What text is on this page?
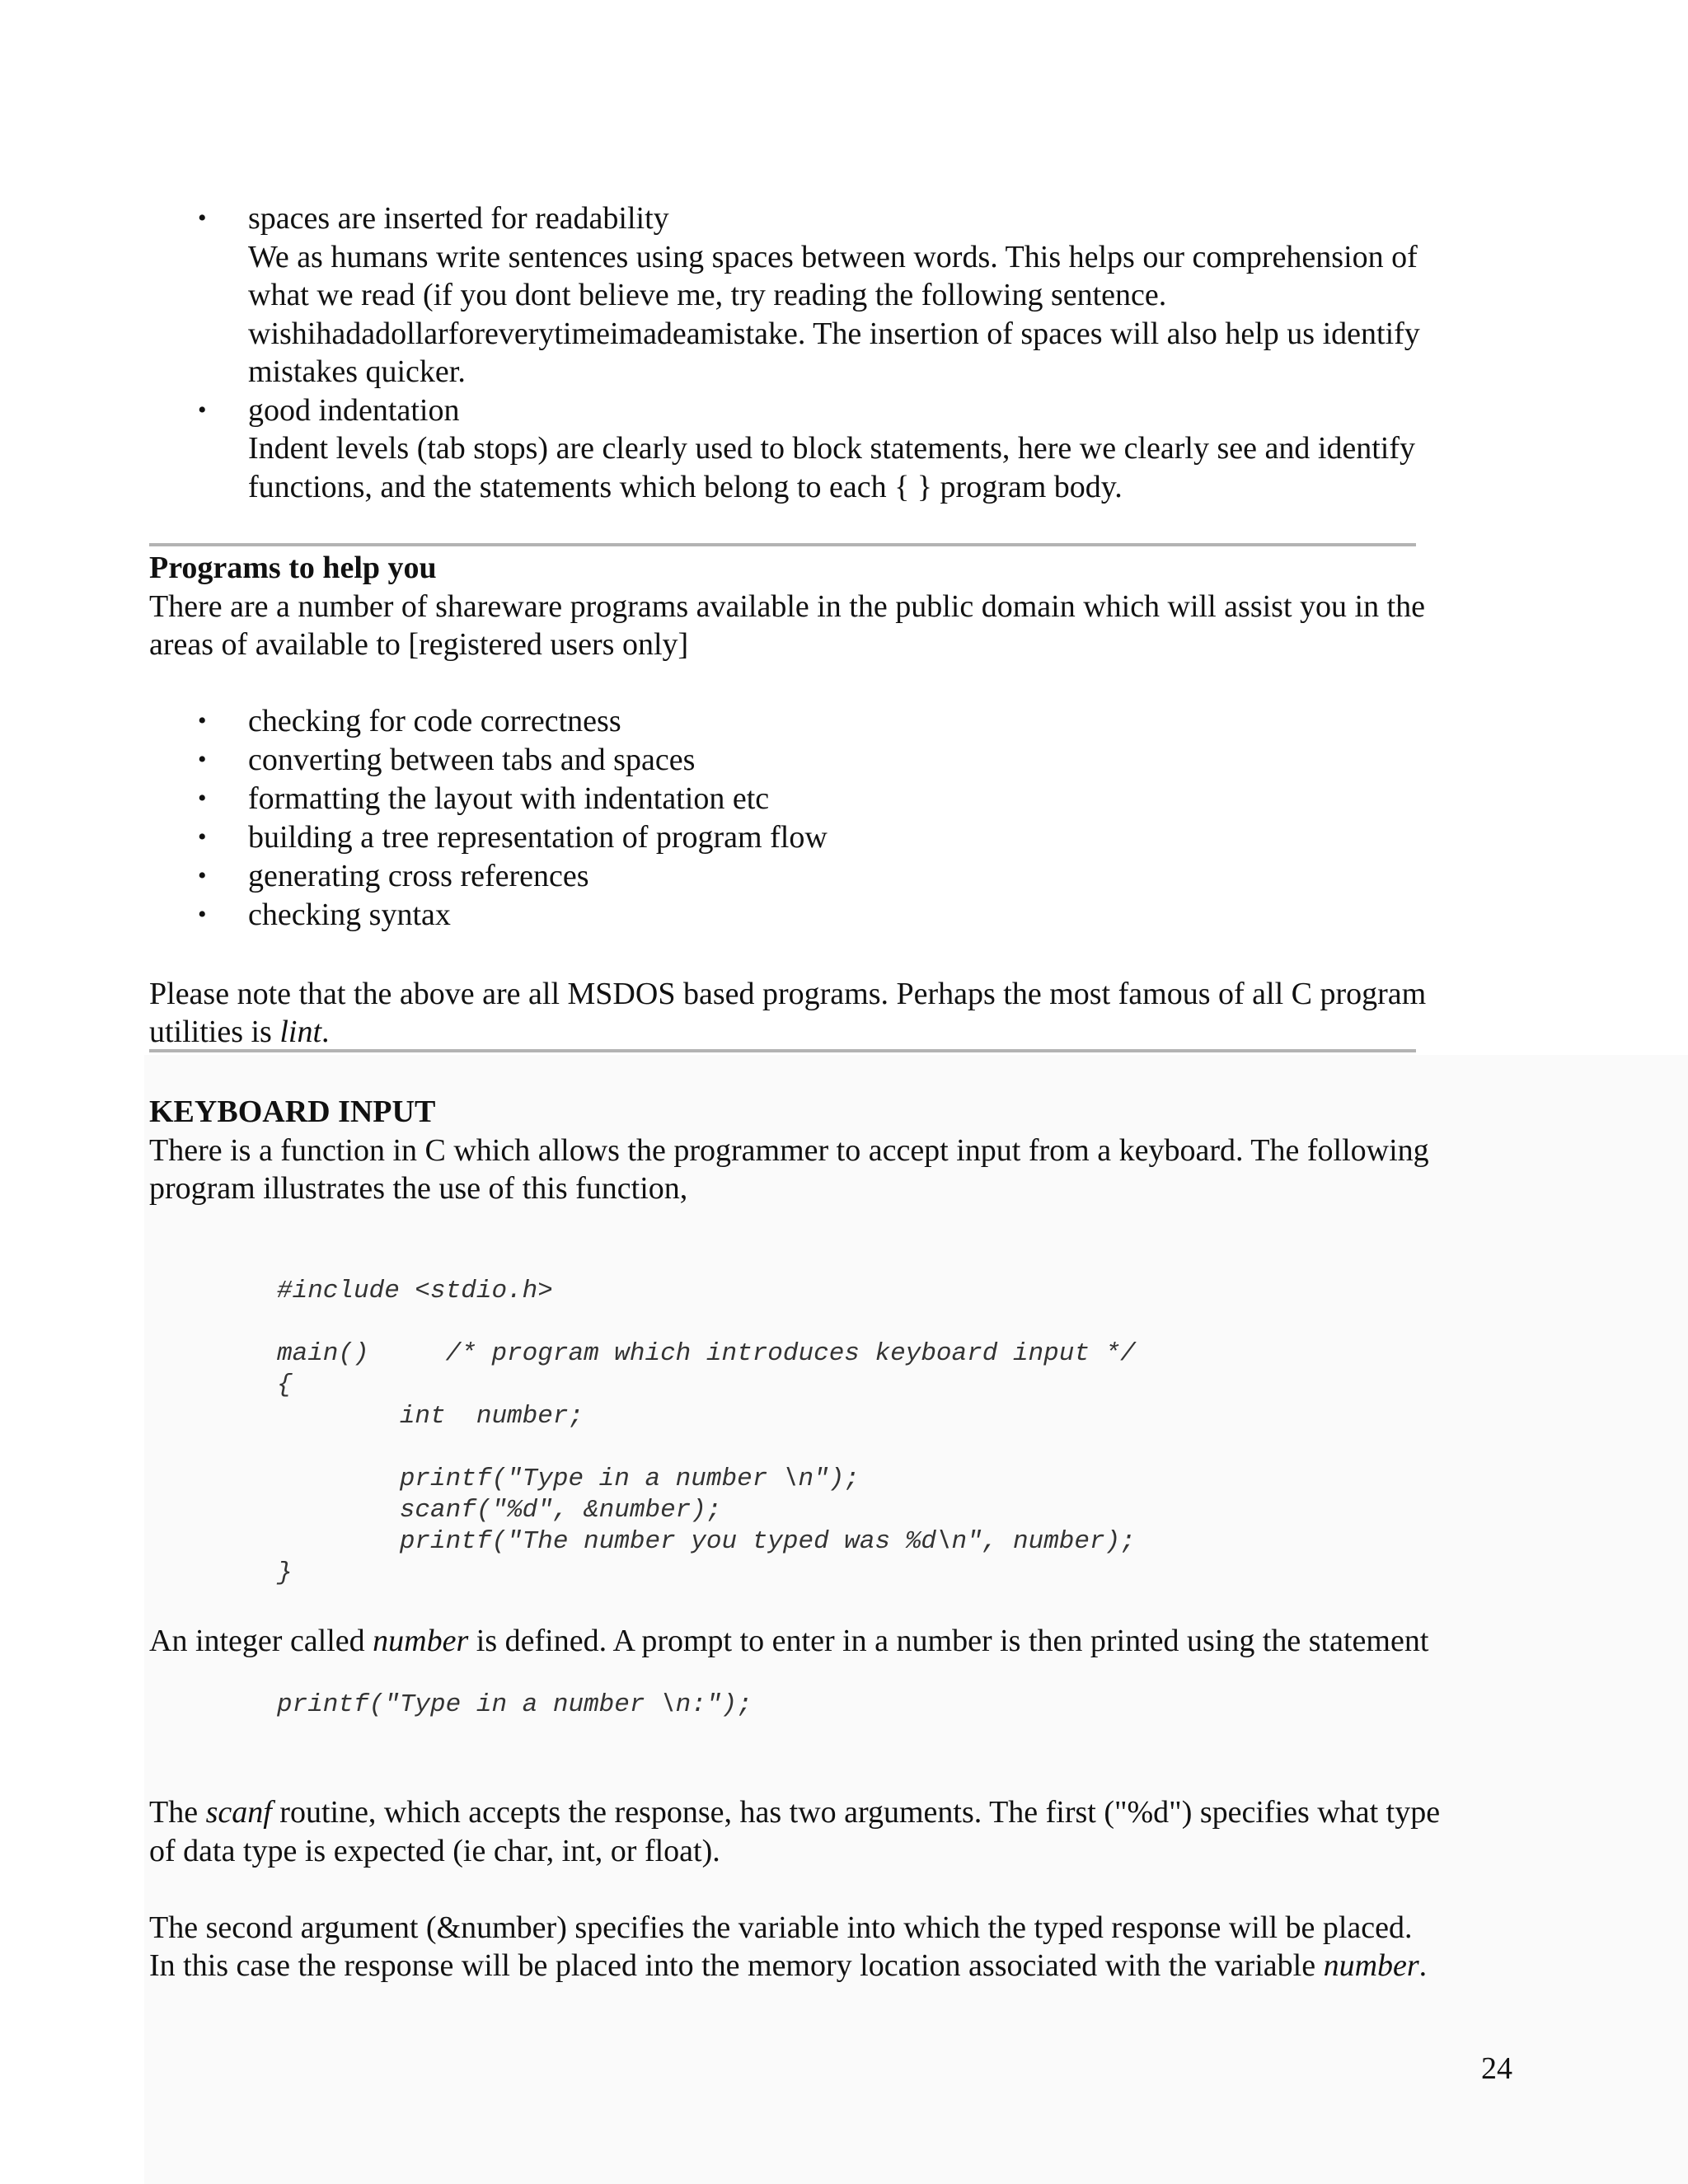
• spaces are inserted for readability
We as humans write sentences using spaces between words. This helps our comprehension of
what we read (if you dont believe me, try reading the following sentence.
wishihadadollarforeverytimeimadeamistake. The insertion of spaces will also help us identify
mistakes quicker.
• good indentation
Indent levels (tab stops) are clearly used to block statements, here we clearly see and identify
functions, and the statements which belong to each { } program body.
Programs to help you
There are a number of shareware programs available in the public domain which will assist you in the
areas of available to [registered users only]
• checking for code correctness
• converting between tabs and spaces
• formatting the layout with indentation etc
• building a tree representation of program flow
• generating cross references
• checking syntax
Please note that the above are all MSDOS based programs. Perhaps the most famous of all C program
utilities is lint.
KEYBOARD INPUT
There is a function in C which allows the programmer to accept input from a keyboard. The following
program illustrates the use of this function,
#include <stdio.h>

main()     /* program which introduces keyboard input */
{
int  number;

printf("Type in a number \n");
scanf("%d", &number);
printf("The number you typed was %d\n", number);
}
An integer called number is defined. A prompt to enter in a number is then printed using the statement
printf("Type in a number \n:");
The scanf routine, which accepts the response, has two arguments. The first ("%d") specifies what type
of data type is expected (ie char, int, or float).
The second argument (&number) specifies the variable into which the typed response will be placed.
In this case the response will be placed into the memory location associated with the variable number.
24
